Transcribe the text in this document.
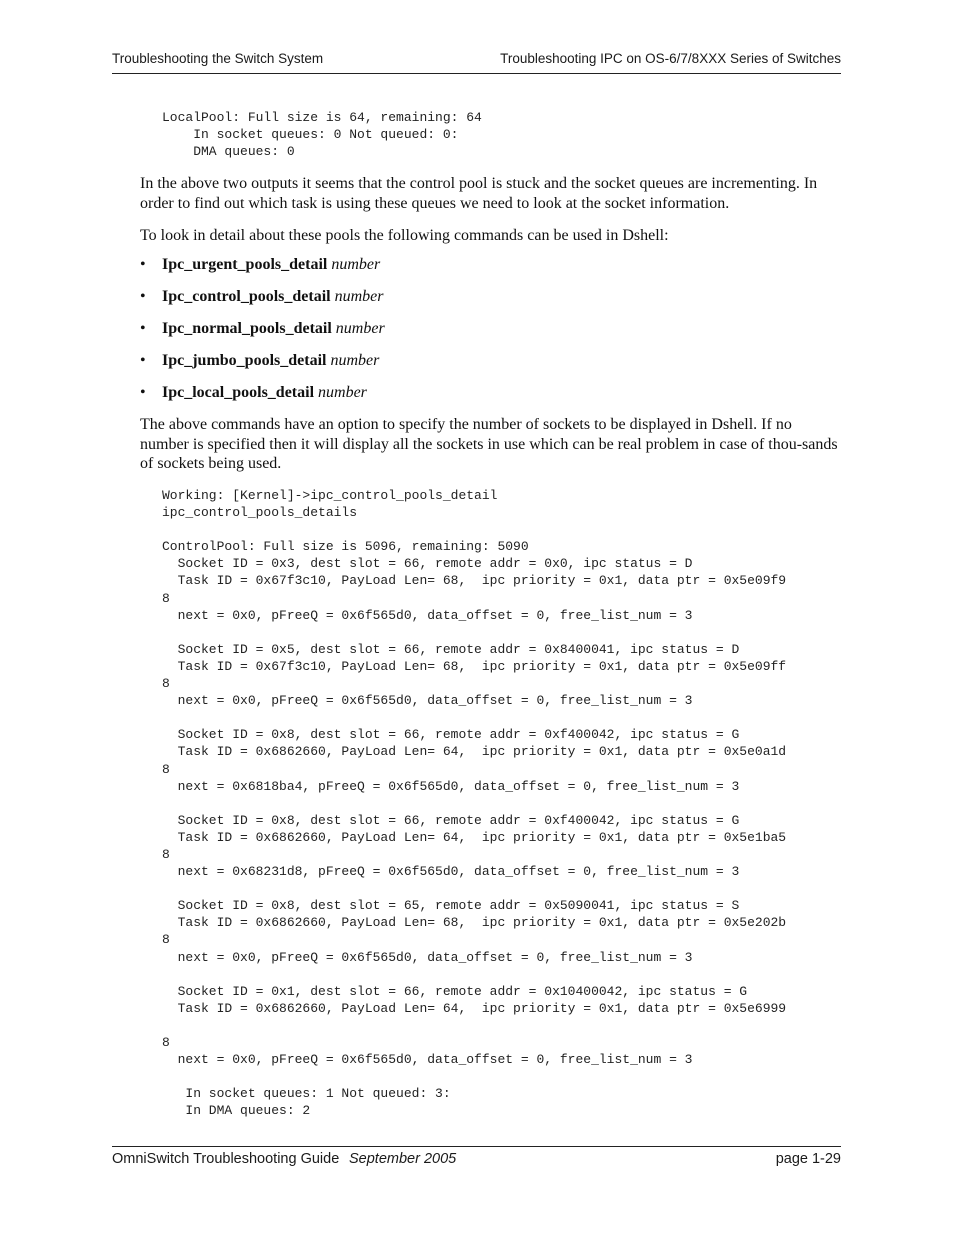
Troubleshooting the Switch System	Troubleshooting IPC on OS-6/7/8XXX Series of Switches
LocalPool: Full size is 64, remaining: 64
In socket queues: 0 Not queued: 0:
DMA queues: 0

In the above two outputs it seems that the control pool is stuck and the socket queues are incrementing. In order to find out which task is using these queues we need to look at the socket information.

To look in detail about these pools the following commands can be used in Dshell:

• Ipc_urgent_pools_detail number
• Ipc_control_pools_detail number
• Ipc_normal_pools_detail number
• Ipc_jumbo_pools_detail number
• Ipc_local_pools_detail number

The above commands have an option to specify the number of sockets to be displayed in Dshell. If no number is specified then it will display all the sockets in use which can be real problem in case of thou-sands of sockets being used.

Working: [Kernel]->ipc_control_pools_detail
ipc_control_pools_details

ControlPool: Full size is 5096, remaining: 5090
Socket ID = 0x3, dest slot = 66, remote addr = 0x0, ipc status = D
Task ID = 0x67f3c10, PayLoad Len= 68,  ipc priority = 0x1, data ptr = 0x5e09f9
8
next = 0x0, pFreeQ = 0x6f565d0, data_offset = 0, free_list_num = 3

Socket ID = 0x5, dest slot = 66, remote addr = 0x8400041, ipc status = D
Task ID = 0x67f3c10, PayLoad Len= 68,  ipc priority = 0x1, data ptr = 0x5e09ff
8
next = 0x0, pFreeQ = 0x6f565d0, data_offset = 0, free_list_num = 3

Socket ID = 0x8, dest slot = 66, remote addr = 0xf400042, ipc status = G
Task ID = 0x6862660, PayLoad Len= 64,  ipc priority = 0x1, data ptr = 0x5e0a1d
8
next = 0x6818ba4, pFreeQ = 0x6f565d0, data_offset = 0, free_list_num = 3

Socket ID = 0x8, dest slot = 66, remote addr = 0xf400042, ipc status = G
Task ID = 0x6862660, PayLoad Len= 64,  ipc priority = 0x1, data ptr = 0x5e1ba5
8
next = 0x68231d8, pFreeQ = 0x6f565d0, data_offset = 0, free_list_num = 3

Socket ID = 0x8, dest slot = 65, remote addr = 0x5090041, ipc status = S
Task ID = 0x6862660, PayLoad Len= 68,  ipc priority = 0x1, data ptr = 0x5e202b
8
next = 0x0, pFreeQ = 0x6f565d0, data_offset = 0, free_list_num = 3

Socket ID = 0x1, dest slot = 66, remote addr = 0x10400042, ipc status = G
Task ID = 0x6862660, PayLoad Len= 64,  ipc priority = 0x1, data ptr = 0x5e6999

8
next = 0x0, pFreeQ = 0x6f565d0, data_offset = 0, free_list_num = 3

In socket queues: 1 Not queued: 3:
In DMA queues: 2
OmniSwitch Troubleshooting Guide September 2005	page 1-29
